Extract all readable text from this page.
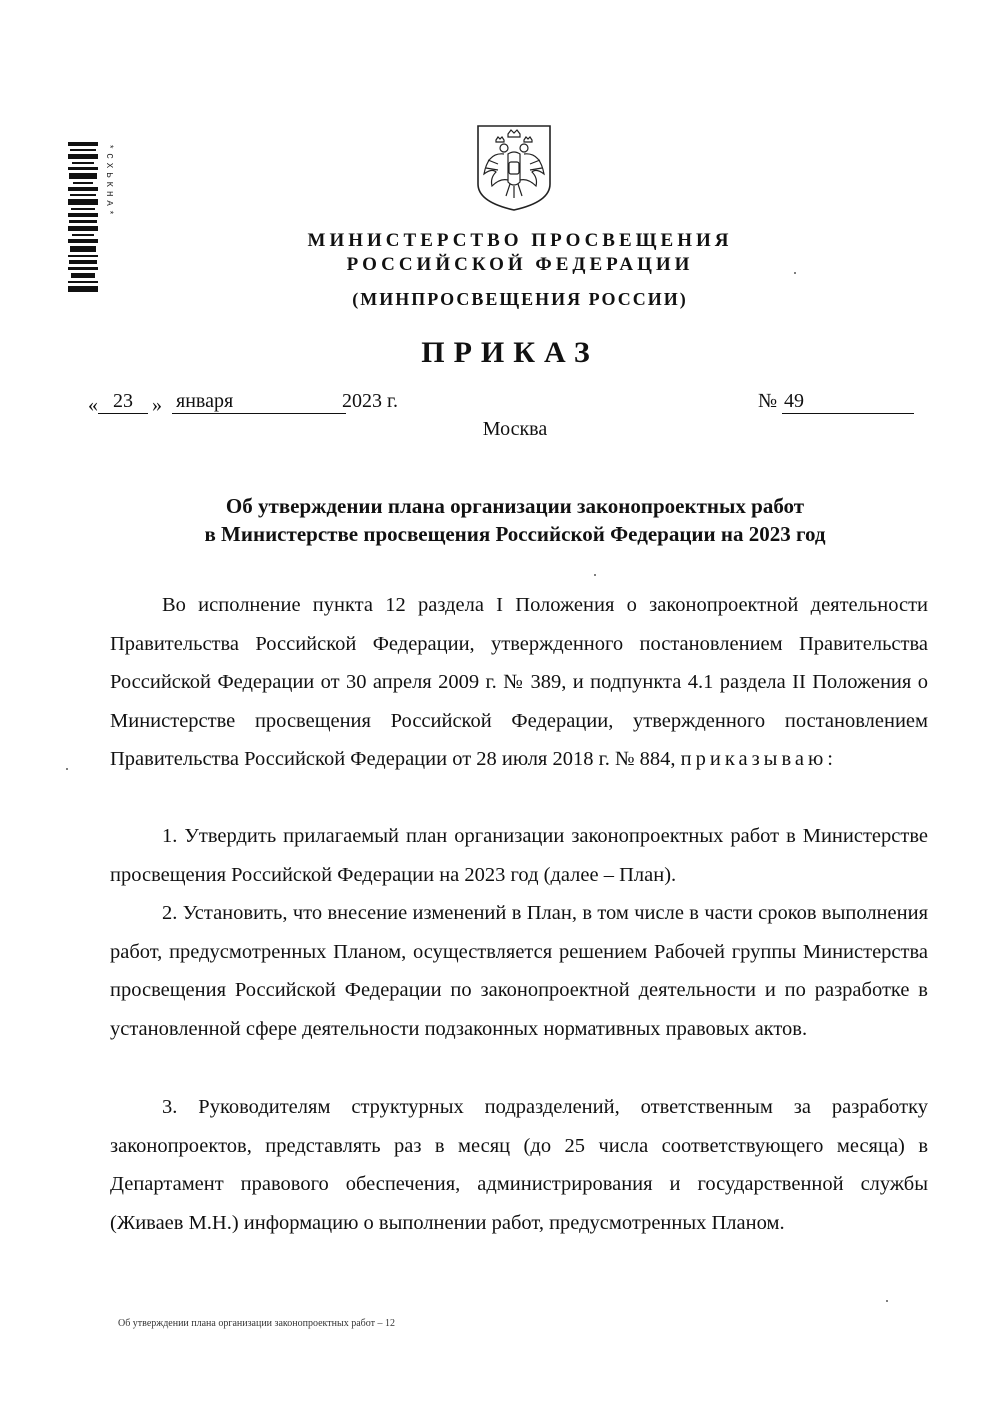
*СХЬКНА*
МИНИСТЕРСТВО ПРОСВЕЩЕНИЯ
РОССИЙСКОЙ ФЕДЕРАЦИИ
(МИНПРОСВЕЩЕНИЯ РОССИИ)
ПРИКАЗ
« 23 » января	2023 г.	№ 49
Москва
Об утверждении плана организации законопроектных работ
в Министерстве просвещения Российской Федерации на 2023 год

Во исполнение пункта 12 раздела I Положения о законопроектной деятельности Правительства Российской Федерации, утвержденного постановлением Правительства Российской Федерации от 30 апреля 2009 г. № 389, и подпункта 4.1 раздела II Положения о Министерстве просвещения Российской Федерации, утвержденного постановлением Правительства Российской Федерации от 28 июля 2018 г. № 884, приказываю:

1. Утвердить прилагаемый план организации законопроектных работ в Министерстве просвещения Российской Федерации на 2023 год (далее – План).

2. Установить, что внесение изменений в План, в том числе в части сроков выполнения работ, предусмотренных Планом, осуществляется решением Рабочей группы Министерства просвещения Российской Федерации по законопроектной деятельности и по разработке в установленной сфере деятельности подзаконных нормативных правовых актов.

3. Руководителям структурных подразделений, ответственным за разработку законопроектов, представлять раз в месяц (до 25 числа соответствующего месяца) в Департамент правового обеспечения, администрирования и государственной службы (Живаев М.Н.) информацию о выполнении работ, предусмотренных Планом.

Об утверждении плана организации законопроектных работ – 12
